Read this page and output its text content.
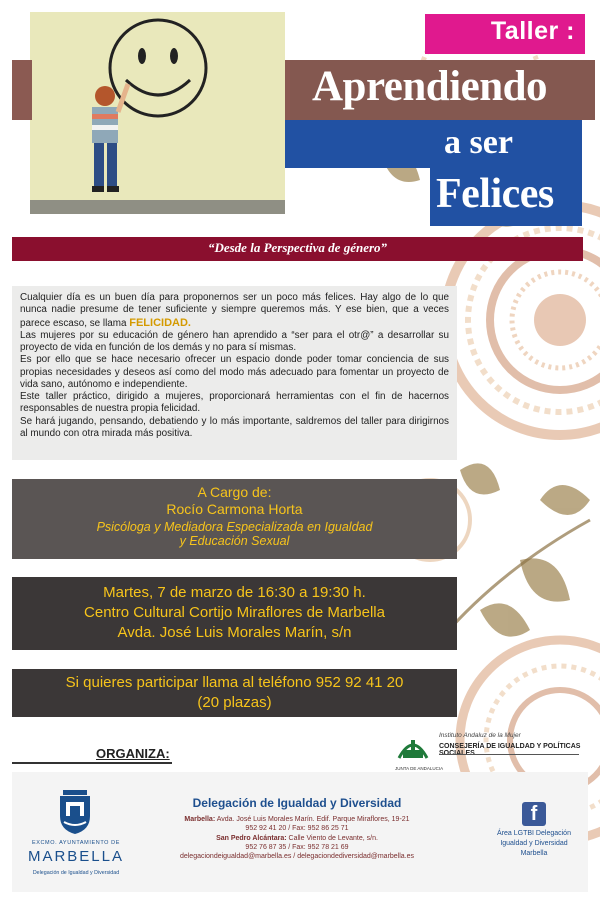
Taller :
Aprendiendo
a ser
Felices
“Desde la Perspectiva de género”

Cualquier día es un buen día para proponernos ser un poco más felices. Hay algo de lo que nunca nadie presume de tener suficiente y siempre queremos más. Y ese bien, que a veces parece escaso, se llama FELICIDAD.

Las mujeres por su educación de género han aprendido a “ser para el otr@” a desarrollar su proyecto de vida en función de los demás y no para sí mismas.

Es por ello que se hace necesario ofrecer un espacio donde poder tomar conciencia de sus propias necesidades y deseos así como del modo más adecuado para fomentar un proyecto de vida sano, autónomo e independiente.

Este taller práctico, dirigido a mujeres, proporcionará herramientas con el fin de hacernos responsables de nuestra propia felicidad.

Se hará jugando, pensando, debatiendo y lo más importante, saldremos del taller para dirigirnos al mundo con otra mirada más positiva.

A Cargo de:
Rocío Carmona Horta
Psicóloga y Mediadora Especializada en Igualdad
y Educación Sexual
Martes, 7 de marzo de 16:30 a 19:30 h.
Centro Cultural Cortijo Miraflores de Marbella
Avda. José Luis Morales Marín, s/n
Si quieres participar llama al teléfono 952 92 41 20
(20 plazas)
ORGANIZA:
Instituto Andaluz de la Mujer
CONSEJERÍA DE IGUALDAD Y POLÍTICAS
JUNTA DE ANDALUCIA
EXCMO. AYUNTAMIENTO DE
MARBELLA
Delegación de Igualdad y Diversidad
Delegación de Igualdad y Diversidad
Marbella: Avda. José Luis Morales Marín. Edif. Parque Miraflores, 19-21
952 92 41 20 / Fax: 952 86 25 71
San Pedro Alcántara: Calle Viento de Levante, s/n.
952 76 87 35 / Fax: 952 78 21 69
delegaciondeigualdad@marbella.es / delegaciondediversidad@marbella.es
f
Área LGTBI Delegación
Igualdad y Diversidad
Marbella
